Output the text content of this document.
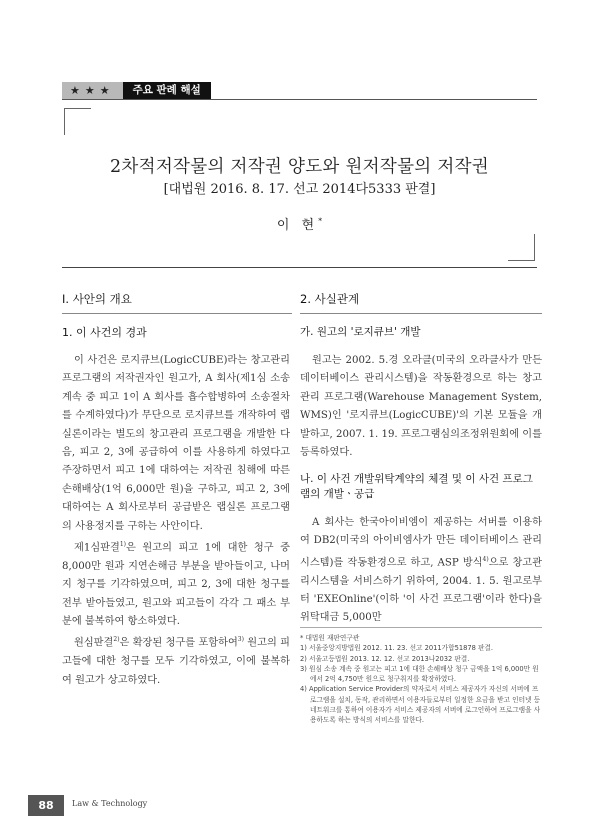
★★★	주요 판례 해설
2차적저작물의 저작권 양도와 원저작물의 저작권
[대법원 2016. 8. 17. 선고 2014다5333 판결]
이 현*
I. 사안의 개요
1. 이 사건의 경과

이 사건은 로지큐브(LogicCUBE)라는 창고관리 프로그램의 저작권자인 원고가, A 회사(제1심 소송 계속 중 피고 1이 A 회사를 흡수합병하여 소송절차를 수계하였다)가 무단으로 로지큐브를 개작하여 랩실론이라는 별도의 창고관리 프로그램을 개발한 다음, 피고 2, 3에 공급하여 이를 사용하게 하였다고 주장하면서 피고 1에 대하여는 저작권 침해에 따른 손해배상(1억 6,000만 원)을 구하고, 피고 2, 3에 대하여는 A 회사로부터 공급받은 랩실론 프로그램의 사용정지를 구하는 사안이다.

제1심판결$^{1)}$은 원고의 피고 1에 대한 청구 중 8,000만 원과 지연손해금 부분을 받아들이고, 나머지 청구를 기각하였으며, 피고 2, 3에 대한 청구를 전부 받아들였고, 원고와 피고들이 각각 그 패소 부분에 불복하여 항소하였다.

원심판결$^{2)}$은 확장된 청구를 포함하여$^{3)}$ 원고의 피고들에 대한 청구를 모두 기각하였고, 이에 불복하여 원고가 상고하였다.

2. 사실관계
가. 원고의 '로지큐브' 개발

원고는 2002. 5.경 오라클(미국의 오라클사가 만든 데이터베이스 관리시스템)을 작동환경으로 하는 창고관리 프로그램(Warehouse Management System, WMS)인 '로지큐브(LogicCUBE)'의 기본 모듈을 개발하고, 2007. 1. 19. 프로그램심의조정위원회에 이를 등록하였다.

나. 이 사건 개발위탁계약의 체결 및 이 사건 프로그램의 개발ㆍ공급

A 회사는 한국아이비엠이 제공하는 서버를 이용하여 DB2(미국의 아이비엠사가 만든 데이터베이스 관리시스템)를 작동환경으로 하고, ASP 방식$^{4)}$으로 창고관리시스템을 서비스하기 위하여, 2004. 1. 5. 원고로부터 'EXEOnline'(이하 '이 사건 프로그램'이라 한다)을 위탁대금 5,000만

* 대법원 재판연구관
1) 서울중앙지방법원 2012. 11. 23. 선고 2011가합51878 판결.
2) 서울고등법원 2013. 12. 12. 선고 2013나2032 판결.
3) 원심 소송 계속 중 원고는 피고 1에 대한 손해배상 청구 금액을 1억 6,000만 원에서 2억 4,750만 원으로 청구취지를 확장하였다.
4) Application Service Provider의 약자로서 서비스 제공자가 자신의 서버에 프로그램을 설치, 동작, 관리하면서 이용자들로부터 일정한 요금을 받고 인터넷 등 네트워크를 통하여 이용자가 서비스 제공자의 서버에 로그인하여 프로그램을 사용하도록 하는 방식의 서비스를 말한다.
88	Law & Technology
